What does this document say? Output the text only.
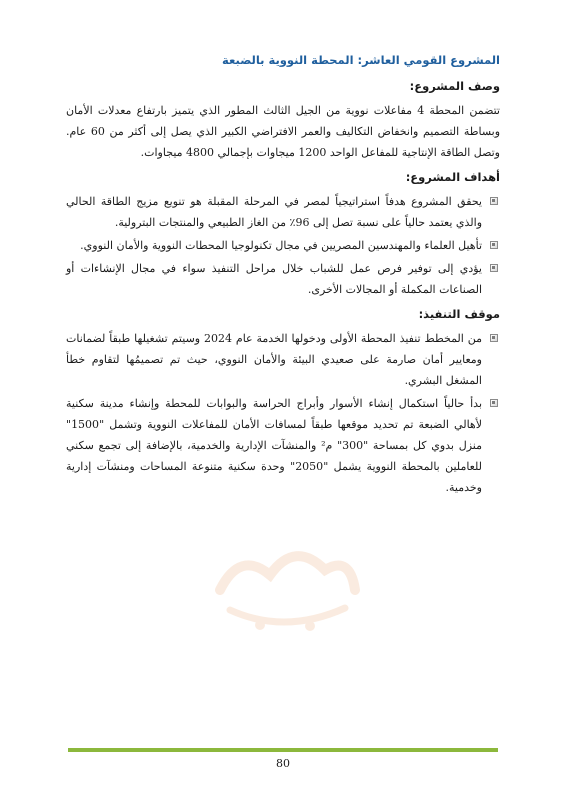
المشروع القومي العاشر: المحطة النووية بالضبعة
وصف المشروع:

تتضمن المحطة 4 مفاعلات نووية من الجيل الثالث المطور الذي يتميز بارتفاع معدلات الأمان وبساطة التصميم وانخفاض التكاليف والعمر الافتراضي الكبير الذي يصل إلى أكثر من 60 عام. وتصل الطاقة الإنتاجية للمفاعل الواحد 1200 ميجاوات بإجمالي 4800 ميجاوات.

أهداف المشروع:
يحقق المشروع هدفاً استراتيجياً لمصر في المرحلة المقبلة هو تنويع مزيج الطاقة الحالي والذي يعتمد حالياً على نسبة تصل إلى 96٪ من الغاز الطبيعي والمنتجات البترولية.
تأهيل العلماء والمهندسين المصريين في مجال تكنولوجيا المحطات النووية والأمان النووي.
يؤدي إلى توفير فرص عمل للشباب خلال مراحل التنفيذ سواء في مجال الإنشاءات أو الصناعات المكملة أو المجالات الأخرى.
موقف التنفيذ:
من المخطط تنفيذ المحطة الأولى ودخولها الخدمة عام 2024 وسيتم تشغيلها طبقاً لضمانات ومعايير أمان صارمة على صعيدي البيئة والأمان النووي، حيث تم تصميمُها لتقاوم خطأ المشغل البشري.
بدأ حالياً استكمال إنشاء الأسوار وأبراج الحراسة والبوابات للمحطة وإنشاء مدينة سكنية لأهالي الضبعة تم تحديد موقعها طبقاً لمسافات الأمان للمفاعلات النووية وتشمل "1500" منزل بدوي كل بمساحة "300" م² والمنشآت الإدارية والخدمية، بالإضافة إلى تجمع سكني للعاملين بالمحطة النووية يشمل "2050" وحدة سكنية متنوعة المساحات ومنشآت إدارية وخدمية.
80
